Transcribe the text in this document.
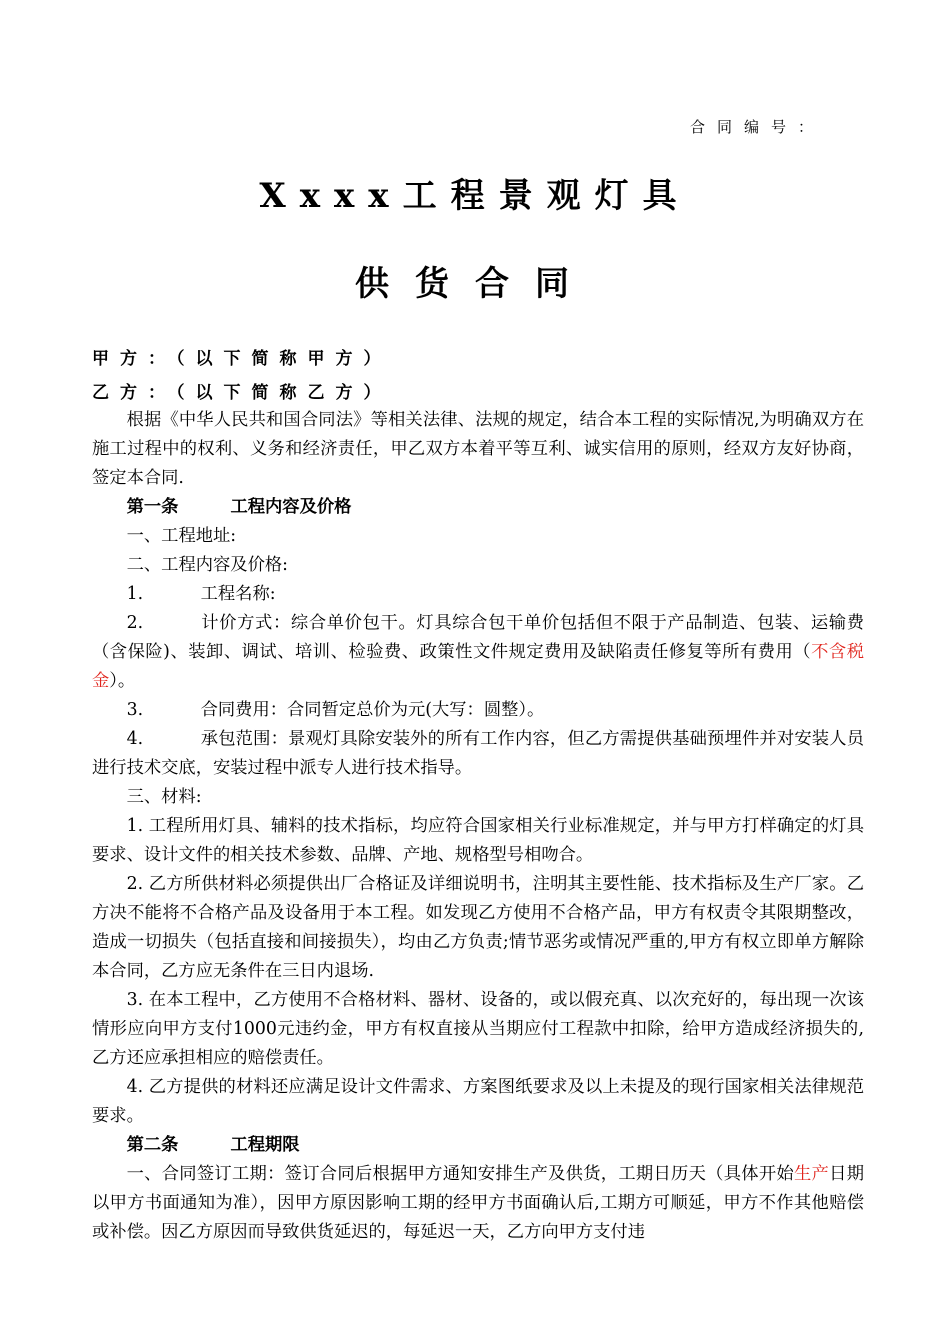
合同编号：
Xxxx工程景观灯具
供货合同
甲方：（以下简称甲方）
乙方：（以下简称乙方）

根据《中华人民共和国合同法》等相关法律、法规的规定，结合本工程的实际情况,为明确双方在施工过程中的权利、义务和经济责任，甲乙双方本着平等互利、诚实信用的原则，经双方友好协商，签定本合同.

第一条	工程内容及价格

一、工程地址:

二、工程内容及价格:

1.	工程名称:

2.	计价方式：综合单价包干。灯具综合包干单价包括但不限于产品制造、包装、运输费（含保险)、装卸、调试、培训、检验费、政策性文件规定费用及缺陷责任修复等所有费用（不含税金）。

3.	合同费用：合同暂定总价为元(大写：圆整）。

4.	承包范围：景观灯具除安装外的所有工作内容，但乙方需提供基础预埋件并对安装人员进行技术交底，安装过程中派专人进行技术指导。

三、材料:

1. 工程所用灯具、辅料的技术指标，均应符合国家相关行业标准规定，并与甲方打样确定的灯具要求、设计文件的相关技术参数、品牌、产地、规格型号相吻合。

2. 乙方所供材料必须提供出厂合格证及详细说明书，注明其主要性能、技术指标及生产厂家。乙方决不能将不合格产品及设备用于本工程。如发现乙方使用不合格产品，甲方有权责令其限期整改，造成一切损失（包括直接和间接损失），均由乙方负责;情节恶劣或情况严重的,甲方有权立即单方解除本合同，乙方应无条件在三日内退场.

3. 在本工程中，乙方使用不合格材料、器材、设备的，或以假充真、以次充好的，每出现一次该情形应向甲方支付1000元违约金，甲方有权直接从当期应付工程款中扣除，给甲方造成经济损失的,乙方还应承担相应的赔偿责任。

4. 乙方提供的材料还应满足设计文件需求、方案图纸要求及以上未提及的现行国家相关法律规范要求。

第二条	工程期限

一、合同签订工期：签订合同后根据甲方通知安排生产及供货，工期日历天（具体开始生产日期以甲方书面通知为准），因甲方原因影响工期的经甲方书面确认后,工期方可顺延，甲方不作其他赔偿或补偿。因乙方原因而导致供货延迟的，每延迟一天，乙方向甲方支付违
